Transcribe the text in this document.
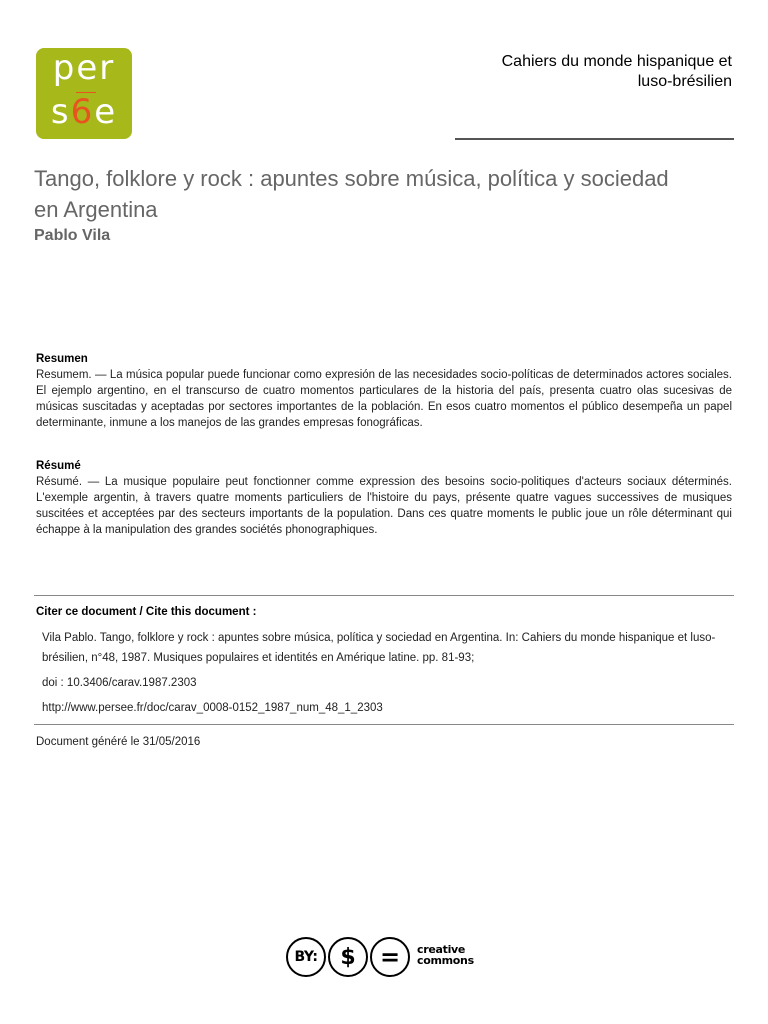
per
s6e
Cahiers du monde hispanique et
luso-brésilien
Tango, folklore y rock : apuntes sobre música, política y sociedad
en Argentina
Pablo Vila
Resumen
Resumem. — La música popular puede funcionar como expresión de las necesidades socio-políticas de determinados actores sociales. El ejemplo argentino, en el transcurso de cuatro momentos particulares de la historia del país, presenta cuatro olas sucesivas de músicas suscitadas y aceptadas por sectores importantes de la población. En esos cuatro momentos el público desempeña un papel determinante, inmune a los manejos de las grandes empresas fonográficas.
Résumé
Résumé. — La musique populaire peut fonctionner comme expression des besoins socio-politiques d'acteurs sociaux déterminés. L'exemple argentin, à travers quatre moments particuliers de l'histoire du pays, présente quatre vagues successives de musiques suscitées et acceptées par des secteurs importants de la population. Dans ces quatre moments le public joue un rôle déterminant qui échappe à la manipulation des grandes sociétés phonographiques.
Citer ce document / Cite this document :
Vila Pablo. Tango, folklore y rock : apuntes sobre música, política y sociedad en Argentina. In: Cahiers du monde hispanique et luso-brésilien, n°48, 1987. Musiques populaires et identités en Amérique latine. pp. 81-93;
doi : 10.3406/carav.1987.2303
http://www.persee.fr/doc/carav_0008-0152_1987_num_48_1_2303
Document généré le 31/05/2016
BY:	$	=	creative
commons
